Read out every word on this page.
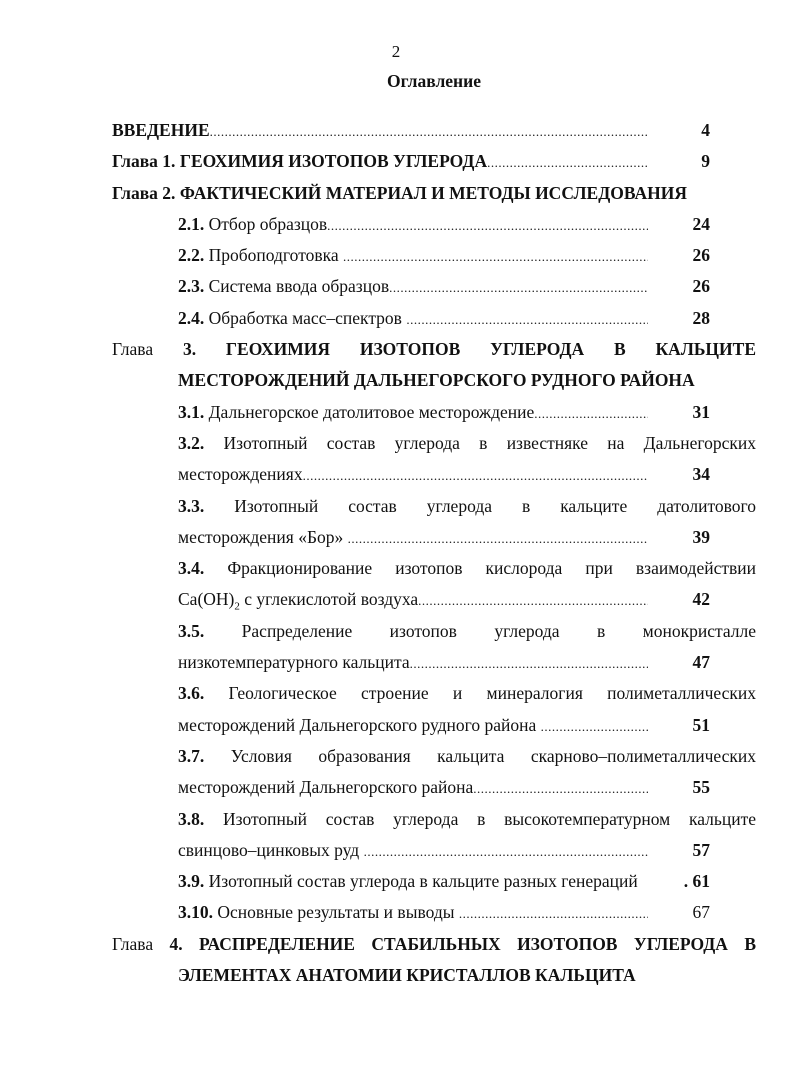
2
Оглавление
ВВЕДЕНИЕ .....	4
Глава 1. ГЕОХИМИЯ ИЗОТОПОВ УГЛЕРОДА .....	9
Глава 2. ФАКТИЧЕСКИЙ МАТЕРИАЛ И МЕТОДЫ ИССЛЕДОВАНИЯ
2.1. Отбор образцов .....	24
2.2. Пробоподготовка .....	26
2.3. Система ввода образцов .....	26
2.4. Обработка масс–спектров .....	28
Глава 3. ГЕОХИМИЯ ИЗОТОПОВ УГЛЕРОДА В КАЛЬЦИТЕ
МЕСТОРОЖДЕНИЙ ДАЛЬНЕГОРСКОГО РУДНОГО РАЙОНА
3.1. Дальнегорское датолитовое месторождение .....	31
3.2. Изотопный состав углерода в известняке на Дальнегорских
месторождениях .....	34
3.3. Изотопный состав углерода в кальците датолитового
месторождения «Бор»
.....	39
3.4. Фракционирование изотопов кислорода при взаимодействии
$Ca(OH)_2$ с углекислотой воздуха .....	42
3.5. Распределение изотопов углерода в монокристалле
низкотемпературного кальцита .....	47
3.6. Геологическое строение и минералогия полиметаллических
месторождений Дальнегорского рудного района
.....	51
3.7. Условия образования кальцита скарново–полиметаллических
месторождений Дальнегорского района .....	55
3.8. Изотопный состав углерода в высокотемпературном кальците
свинцово–цинковых руд
.....	57
3.9. Изотопный состав углерода в кальците разных генераций	. 61
3.10. Основные результаты и выводы .....	67
Глава 4. РАСПРЕДЕЛЕНИЕ СТАБИЛЬНЫХ ИЗОТОПОВ УГЛЕРОДА В
ЭЛЕМЕНТАХ АНАТОМИИ КРИСТАЛЛОВ КАЛЬЦИТА
